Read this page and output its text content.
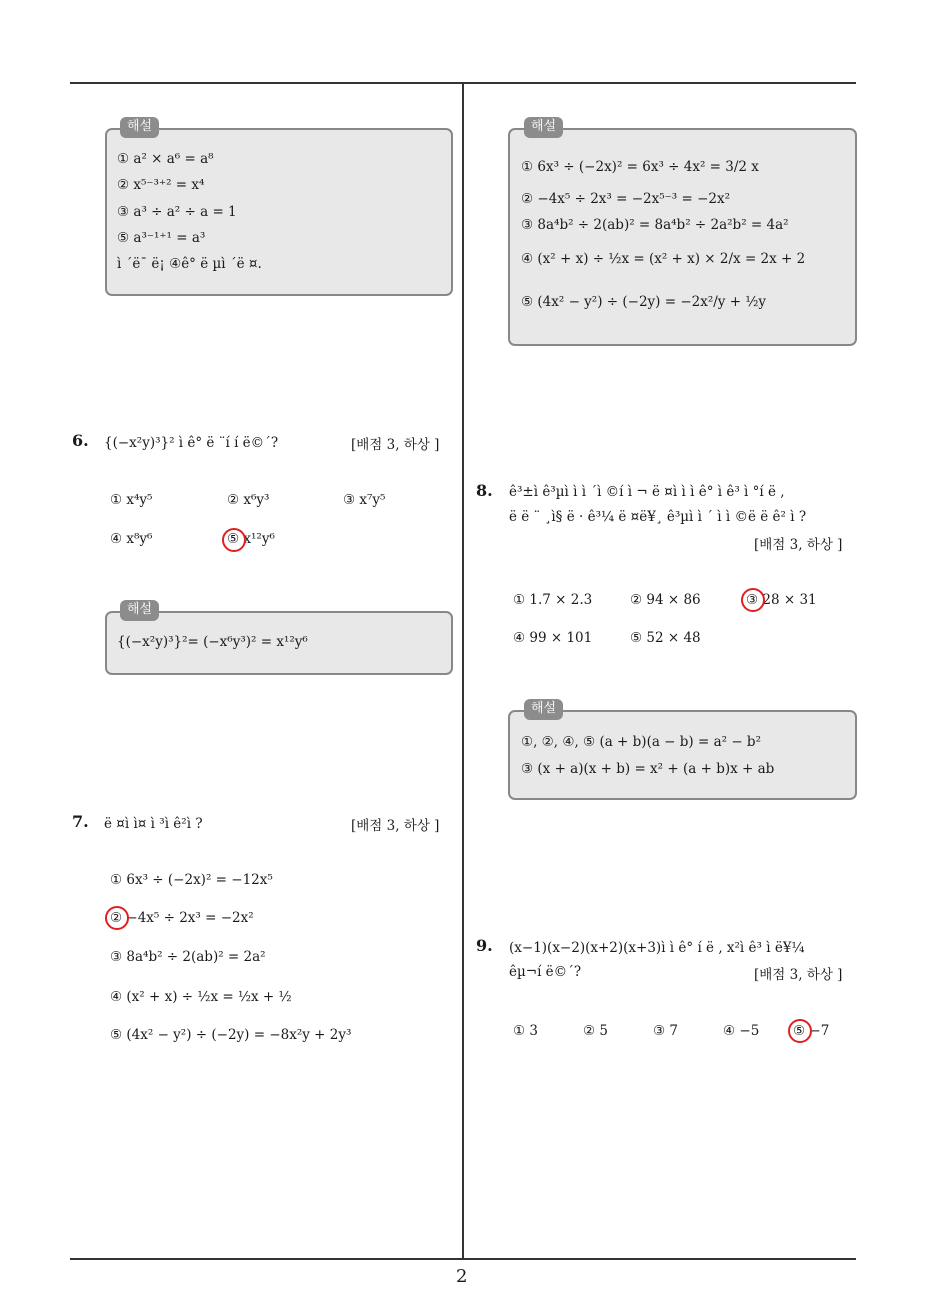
2
해설
① a² × a⁶ = a⁸
② x⁵⁻³⁺² = x⁴
③ a³ ÷ a² ÷ a = 1
⑤ a³⁻¹⁺¹ = a³
ì ´ë¯ ë¡ ④ê° ë µì ´ë ¤.
6. {(−x²y)³}² ì ê° ë ¨í í ë©´?	[배점 3, 하상 ]
① x⁴y⁵	② x⁶y³	③ x⁷y⁵
④ x⁸y⁶	⑤ x¹²y⁶
해설
{(−x²y)³}²= (−x⁶y³)² = x¹²y⁶
7. ë ¤ì ì¤ ì ³ì ê²ì ?	[배점 3, 하상 ]
① 6x³ ÷ (−2x)² = −12x⁵
② −4x⁵ ÷ 2x³ = −2x²
③ 8a⁴b² ÷ 2(ab)² = 2a²
④ (x² + x) ÷ ½x = ½x + ½
⑤ (4x² − y²) ÷ (−2y) = −8x²y + 2y³
해설
① 6x³ ÷ (−2x)² = 6x³ ÷ 4x² = 3/2 x
② −4x⁵ ÷ 2x³ = −2x⁵⁻³ = −2x²
③ 8a⁴b² ÷ 2(ab)² = 8a⁴b² ÷ 2a²b² = 4a²
④ (x² + x) ÷ ½x = (x² + x) × 2/x = 2x + 2
⑤ (4x² − y²) ÷ (−2y) = −2x²/y + ½y
8. ê³±ì ê³µì ì ì ´ì ©í ì ¬ ë ¤ì ì ì ê° ì ê³ ì °í ë ,
ë ë ¨ ¸ì§ ë · ê³¼ ë ¤ë¥¸ ê³µì ì ´ ì ì ©ë ë ê² ì ?
[배점 3, 하상 ]
① 1.7 × 2.3	② 94 × 86	③ 28 × 31
④ 99 × 101	⑤ 52 × 48
해설
①, ②, ④, ⑤ (a + b)(a − b) = a² − b²
③ (x + a)(x + b) = x² + (a + b)x + ab
9. (x−1)(x−2)(x+2)(x+3)ì ì ê° í ë , x²ì ê³ ì ë¥¼
êµ¬í ë©´?	[배점 3, 하상 ]
① 3	② 5	③ 7	④ −5 ⑤ −7
